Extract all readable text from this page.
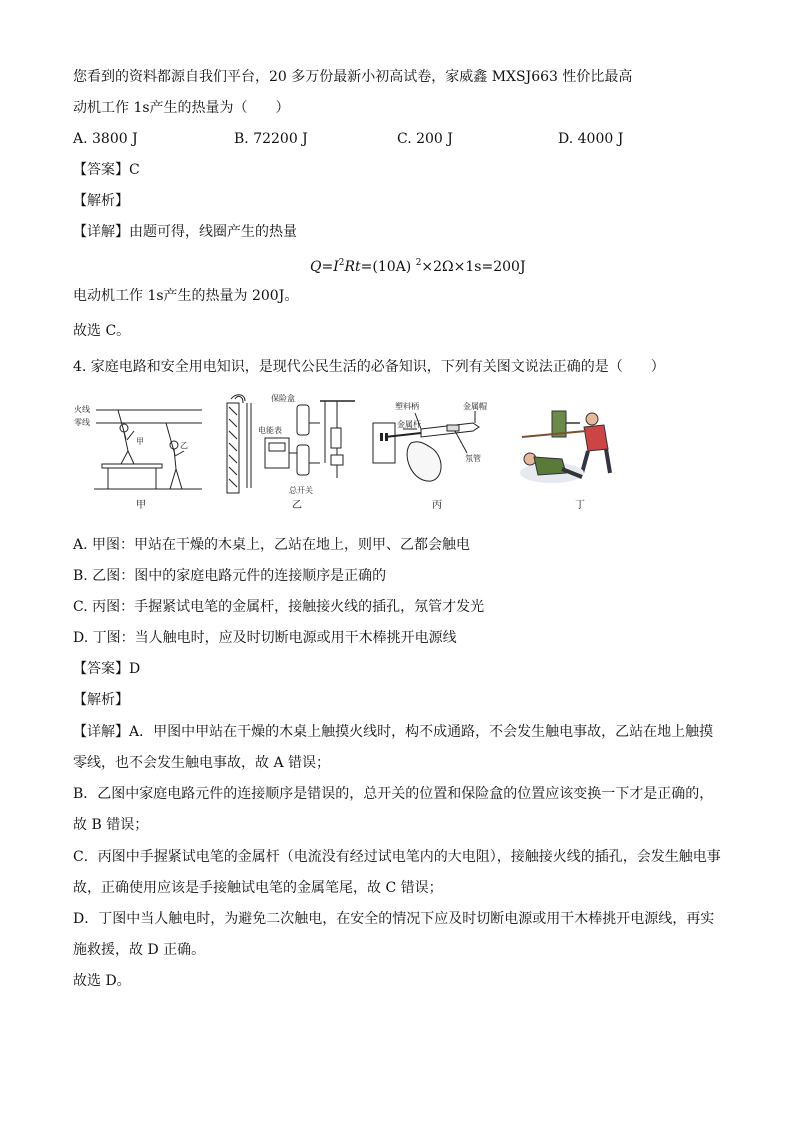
您看到的资料都源自我们平台，20 多万份最新小初高试卷，家威鑫 MXSJ663 性价比最高
动机工作 1s产生的热量为（　　）
A. 3800 J	B. 72200 J	C. 200 J	D. 4000 J
【答案】C
【解析】
【详解】由题可得，线圈产生的热量
$Q=I^2Rt=(10A)$ $^2$×2Ω×1s=200J
电动机工作 1s产生的热量为 200J。
故选 C。
4. 家庭电路和安全用电知识，是现代公民生活的必备知识，下列有关图文说法正确的是（　　）
火线
零线
甲	乙
保险盒
电能表
总开关
塑料柄	金属帽
金属杆
氖管
甲	乙	丙	丁
A. 甲图：甲站在干燥的木桌上，乙站在地上，则甲、乙都会触电
B. 乙图：图中的家庭电路元件的连接顺序是正确的
C. 丙图：手握紧试电笔的金属杆，接触接火线的插孔，氖管才发光
D. 丁图：当人触电时，应及时切断电源或用干木棒挑开电源线
【答案】D
【解析】
【详解】A．甲图中甲站在干燥的木桌上触摸火线时，构不成通路，不会发生触电事故，乙站在地上触摸
零线，也不会发生触电事故，故 A 错误；
B．乙图中家庭电路元件的连接顺序是错误的，总开关的位置和保险盒的位置应该变换一下才是正确的，
故 B 错误；
C．丙图中手握紧试电笔的金属杆（电流没有经过试电笔内的大电阻），接触接火线的插孔，会发生触电事
故，正确使用应该是手接触试电笔的金属笔尾，故 C 错误；
D．丁图中当人触电时，为避免二次触电，在安全的情况下应及时切断电源或用干木棒挑开电源线，再实
施救援，故 D 正确。
故选 D。
